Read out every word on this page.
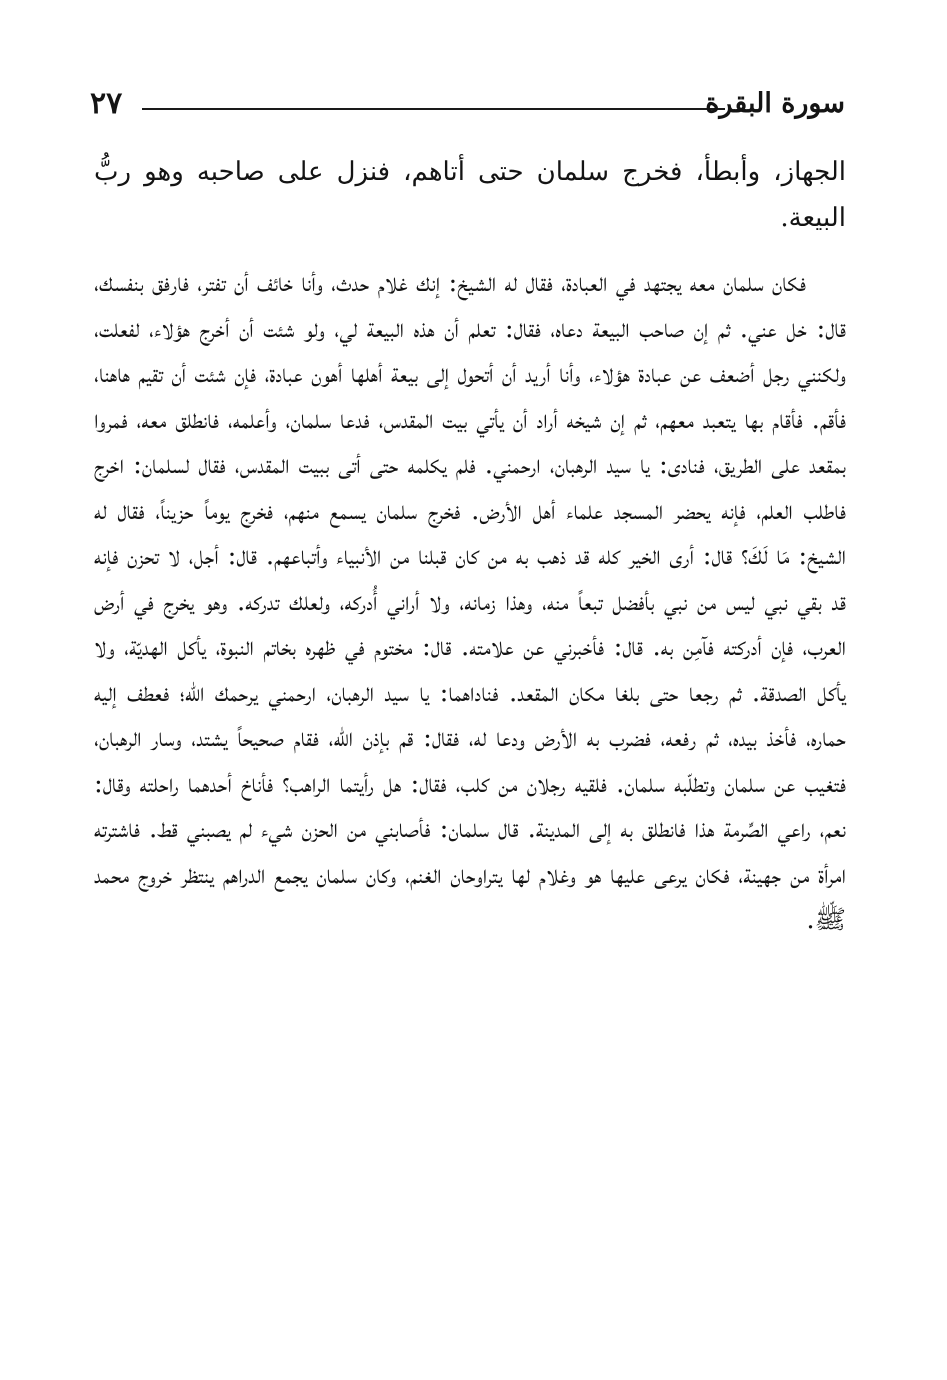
٢٧	سورة البقرة

الجهاز، وأبطأ، فخرج سلمان حتى أتاهم، فنزل على صاحبه وهو ربُّ البيعة.

فكان سلمان معه يجتهد في العبادة، فقال له الشيخ: إنك غلام حدث، وأنا خائف أن تفتر، فارفق بنفسك، قال: خل عني. ثم إن صاحب البيعة دعاه، فقال: تعلم أن هذه البيعة لي، ولو شئت أن أخرج هؤلاء، لفعلت، ولكنني رجل أضعف عن عبادة هؤلاء، وأنا أريد أن أتحول إلى بيعة أهلها أهون عبادة، فإن شئت أن تقيم هاهنا، فأقم. فأقام بها يتعبد معهم، ثم إن شيخه أراد أن يأتي بيت المقدس، فدعا سلمان، وأعلمه، فانطلق معه، فمروا بمقعد على الطريق، فنادى: يا سيد الرهبان، ارحمني. فلم يكلمه حتى أتى ببيت المقدس، فقال لسلمان: اخرج فاطلب العلم، فإنه يحضر المسجد علماء أهل الأرض. فخرج سلمان يسمع منهم، فخرج يوماً حزيناً، فقال له الشيخ: مَا لَكَ؟ قال: أرى الخير كله قد ذهب به من كان قبلنا من الأنبياء وأتباعهم. قال: أجل، لا تحزن فإنه قد بقي نبي ليس من نبي بأفضل تبعاً منه، وهذا زمانه، ولا أراني أُدركه، ولعلك تدركه. وهو يخرج في أرض العرب، فإن أدركته فآمِن به. قال: فأخبرني عن علامته. قال: مختوم في ظهره بخاتم النبوة، يأكل الهديّة، ولا يأكل الصدقة. ثم رجعا حتى بلغا مكان المقعد. فناداهما: يا سيد الرهبان، ارحمني يرحمك الله؛ فعطف إليه حماره، فأخذ بيده، ثم رفعه، فضرب به الأرض ودعا له، فقال: قم بإذن الله، فقام صحيحاً يشتد، وسار الرهبان، فتغيب عن سلمان وتطلّبه سلمان. فلقيه رجلان من كلب، فقال: هل رأيتما الراهب؟ فأناخ أحدهما راحلته وقال: نعم، راعي الصِّرمة هذا فانطلق به إلى المدينة. قال سلمان: فأصابني من الحزن شيء لم يصبني قط. فاشترته امرأة من جهينة، فكان يرعى عليها هو وغلام لها يتراوحان الغنم، وكان سلمان يجمع الدراهم ينتظر خروج محمد ﷺ.
